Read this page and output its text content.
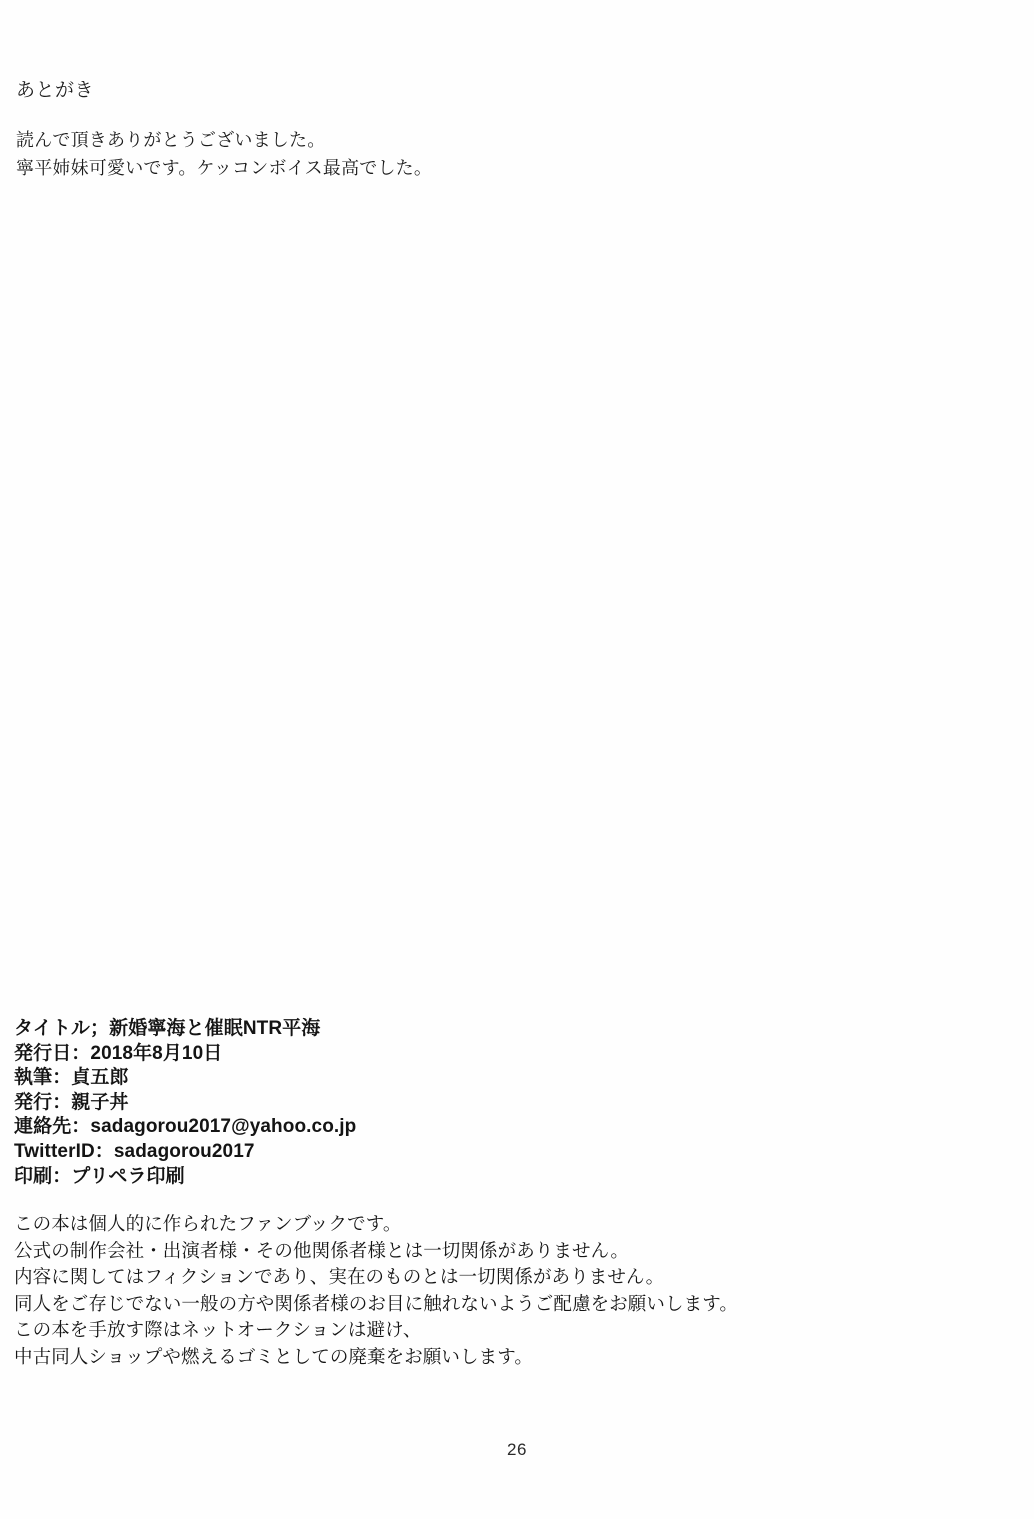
あとがき

読んで頂きありがとうございました。

寧平姉妹可愛いです。ケッコンボイス最高でした。

タイトル；新婚寧海と催眠NTR平海

発行日：2018年8月10日

執筆：貞五郎

発行：親子丼

連絡先：sadagorou2017@yahoo.co.jp

TwitterID：sadagorou2017

印刷：プリペラ印刷

この本は個人的に作られたファンブックです。

公式の制作会社・出演者様・その他関係者様とは一切関係がありません。

内容に関してはフィクションであり、実在のものとは一切関係がありません。

同人をご存じでない一般の方や関係者様のお目に触れないようご配慮をお願いします。

この本を手放す際はネットオークションは避け、

中古同人ショップや燃えるゴミとしての廃棄をお願いします。

26
